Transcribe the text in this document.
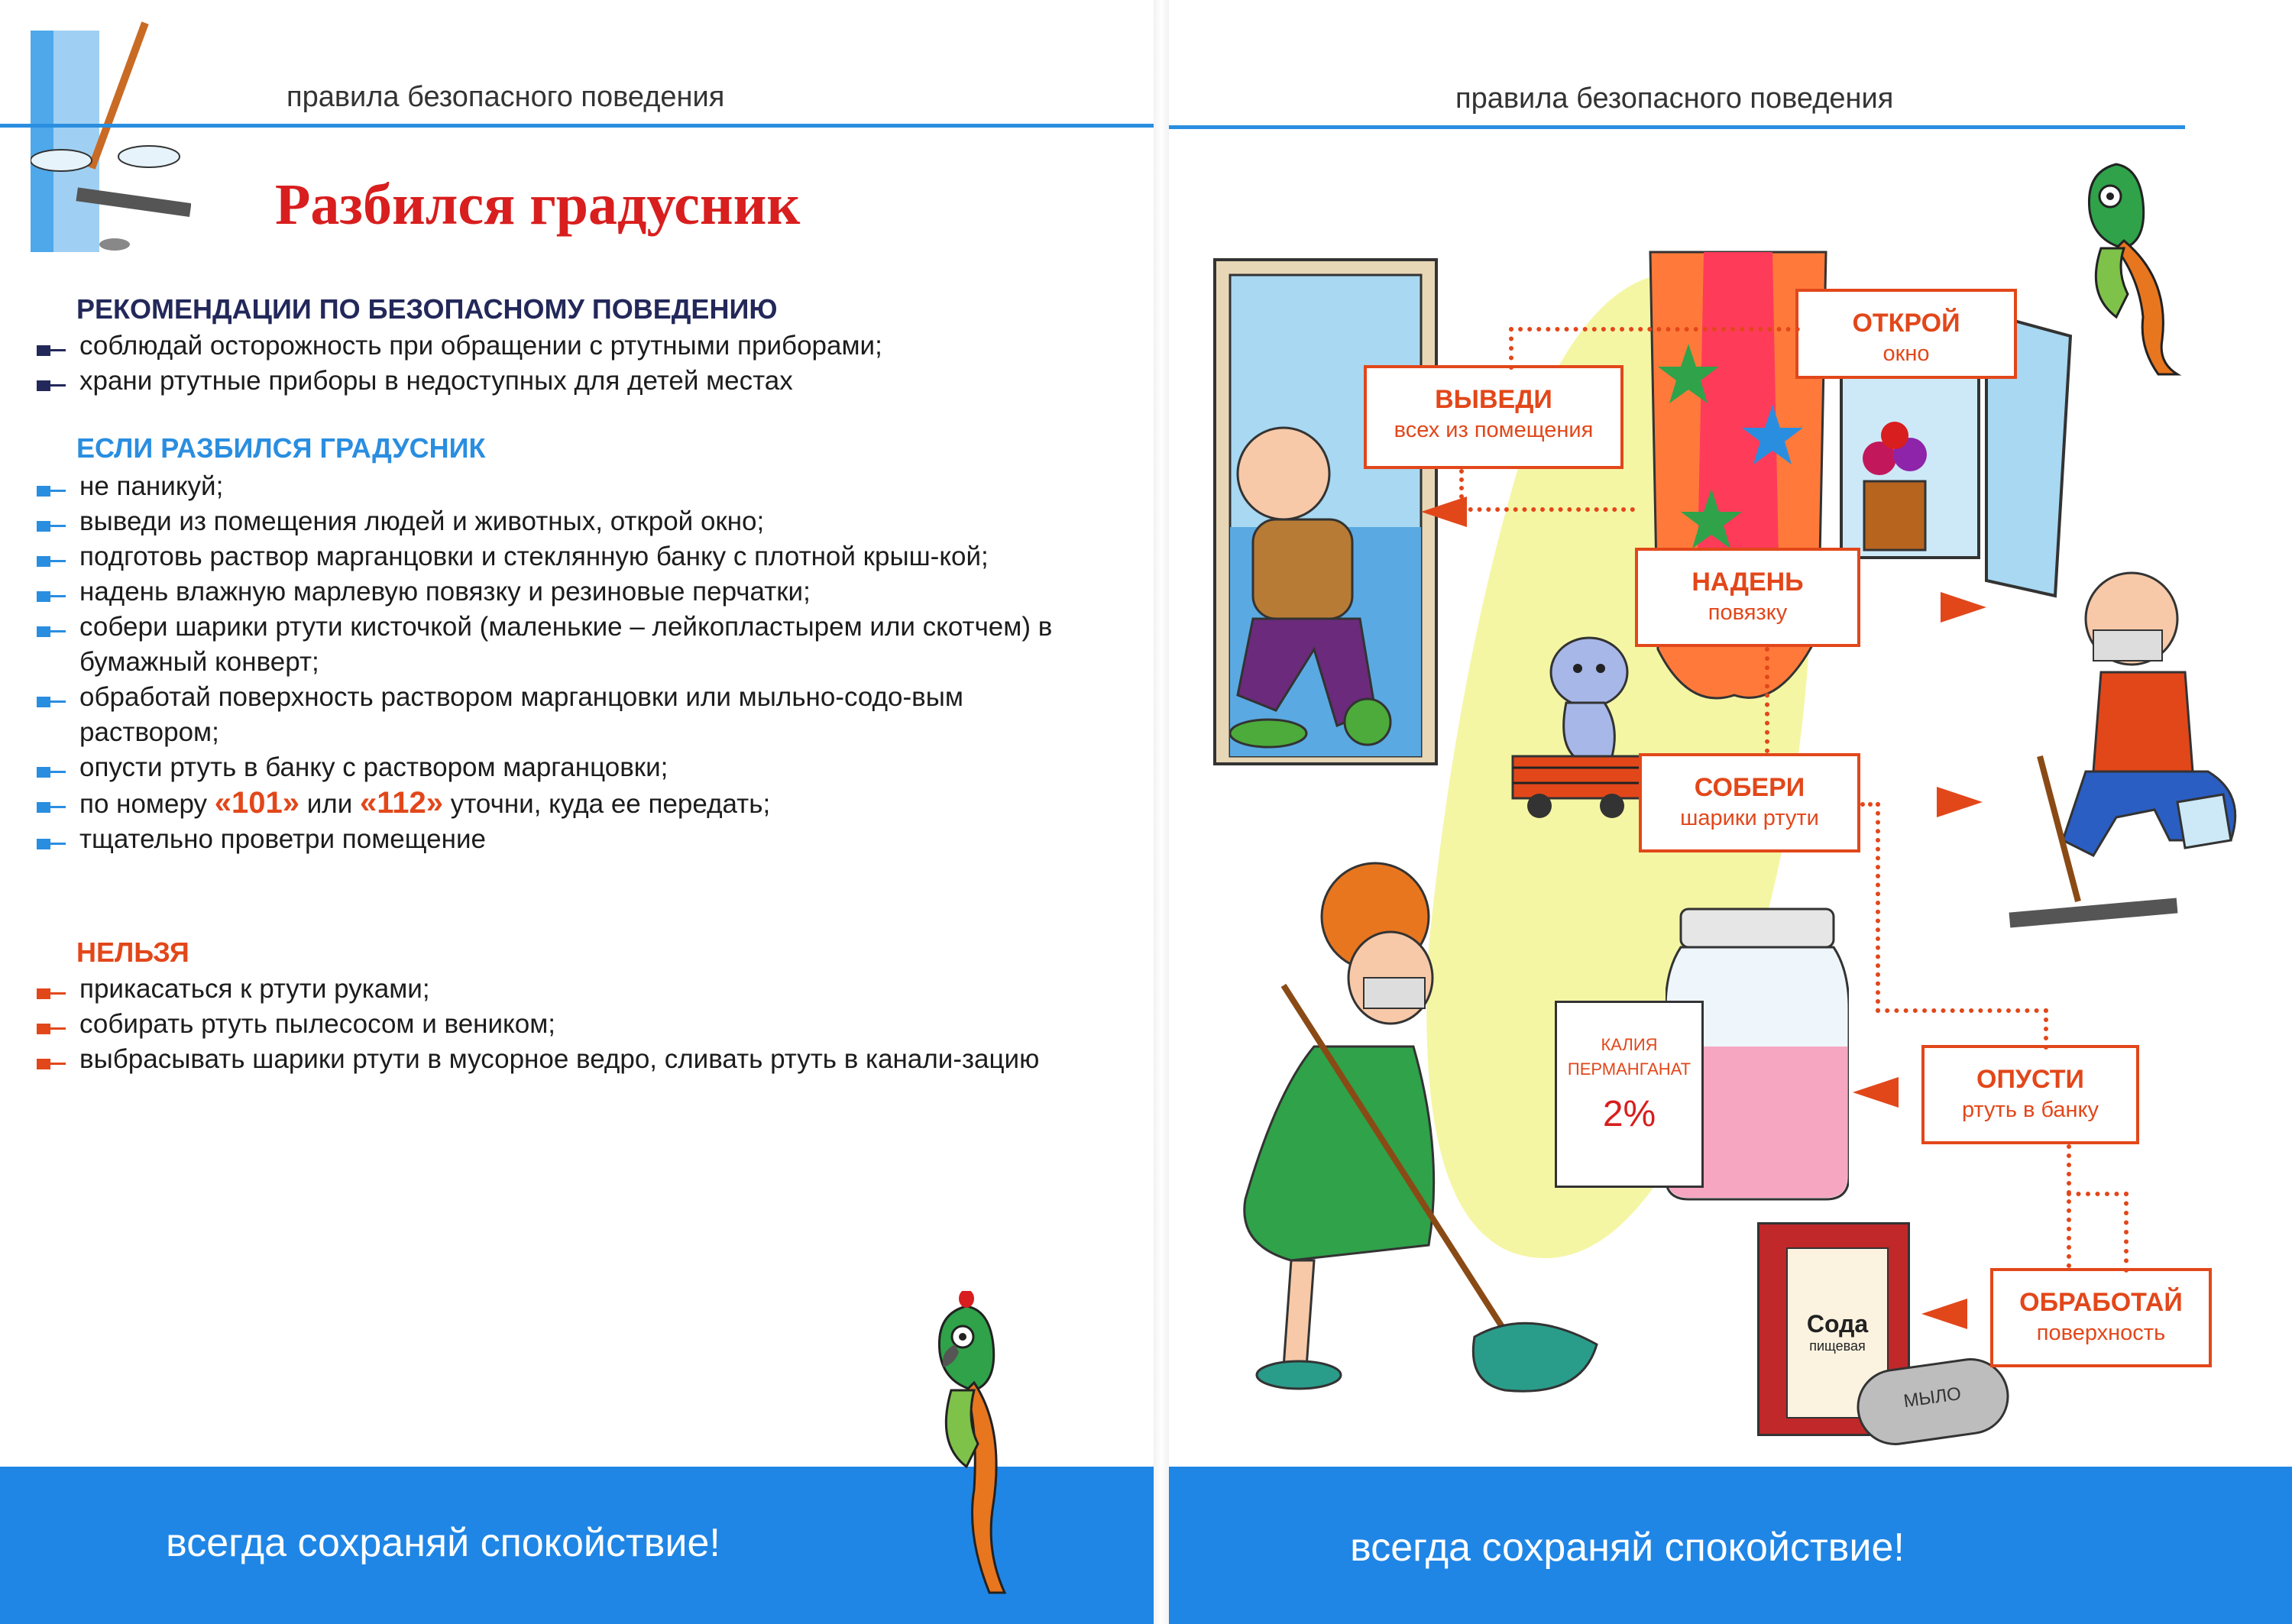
правила безопасного поведения
Разбился градусник
РЕКОМЕНДАЦИИ ПО БЕЗОПАСНОМУ ПОВЕДЕНИЮ
соблюдай осторожность при обращении с ртутными приборами;
храни ртутные приборы в недоступных для детей местах
ЕСЛИ РАЗБИЛСЯ ГРАДУСНИК
не паникуй;
выведи из помещения людей и животных, открой окно;
подготовь раствор марганцовки и стеклянную банку с плотной крыш-кой;
надень влажную марлевую повязку и резиновые перчатки;
собери шарики ртути кисточкой (маленькие – лейкопластырем или скотчем) в бумажный конверт;
обработай поверхность раствором марганцовки или мыльно-содо-вым раствором;
опусти ртуть в банку с раствором марганцовки;
по номеру «101» или «112» уточни, куда ее передать;
тщательно проветри помещение
НЕЛЬЗЯ
прикасаться к ртути руками;
собирать ртуть пылесосом и веником;
выбрасывать шарики ртути в мусорное ведро, сливать ртуть в канали-зацию
всегда сохраняй спокойствие!
правила безопасного поведения
КАЛИЯ
ПЕРМАНГАНАТ
2%
Сода
пищевая
МЫЛО
ОТКРОЙ
окно
ВЫВЕДИ
всех из помещения
НАДЕНЬ
повязку
СОБЕРИ
шарики ртути
ОПУСТИ
ртуть в банку
ОБРАБОТАЙ
поверхность
всегда сохраняй спокойствие!
